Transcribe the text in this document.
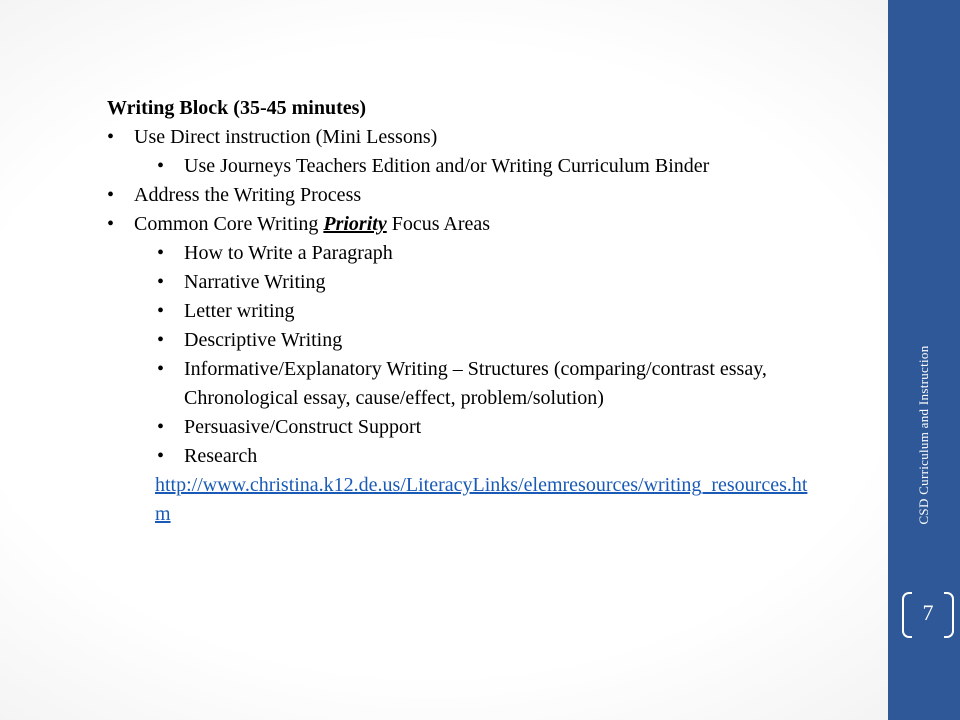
Writing Block (35-45 minutes)

• Use Direct instruction (Mini Lessons)
• Use Journeys Teachers Edition and/or Writing Curriculum Binder
• Address the Writing Process
• Common Core Writing Priority Focus Areas
• How to Write a Paragraph
• Narrative Writing
• Letter writing
• Descriptive Writing
• Informative/Explanatory Writing – Structures (comparing/contrast essay, Chronological essay, cause/effect, problem/solution)
• Persuasive/Construct Support
• Research
http://www.christina.k12.de.us/LiteracyLinks/elemresources/writing_resources.htm	CSD Curriculum and Instruction
7
